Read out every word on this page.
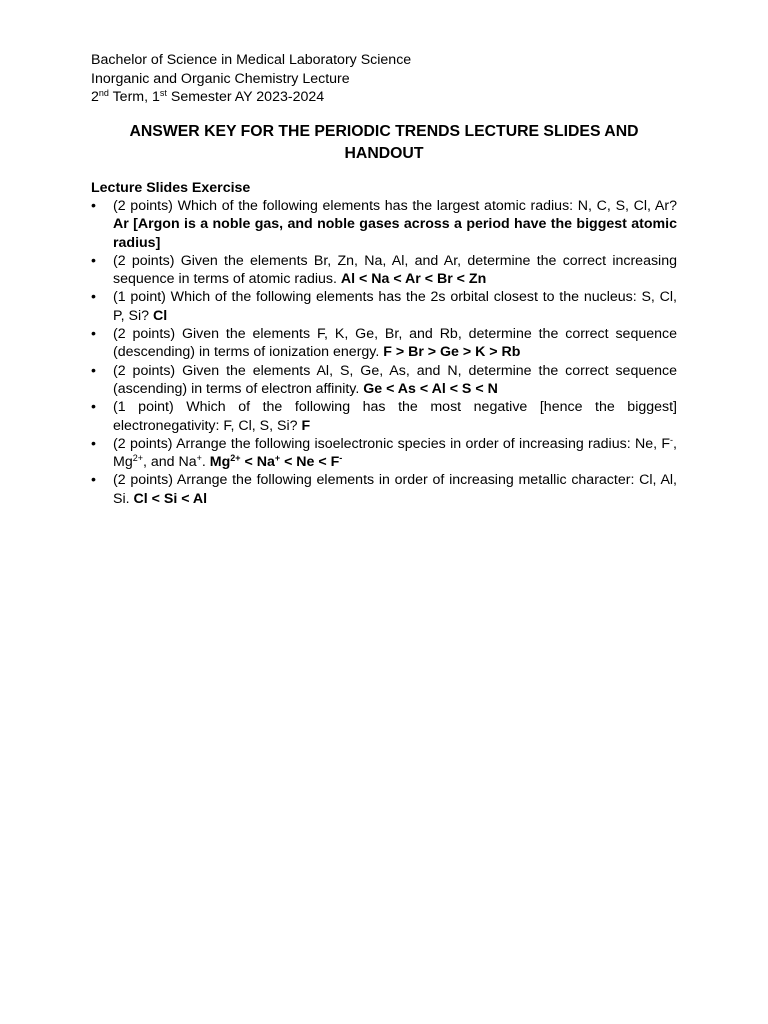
Bachelor of Science in Medical Laboratory Science
Inorganic and Organic Chemistry Lecture
2nd Term, 1st Semester AY 2023-2024
ANSWER KEY FOR THE PERIODIC TRENDS LECTURE SLIDES AND HANDOUT
Lecture Slides Exercise
• (2 points) Which of the following elements has the largest atomic radius: N, C, S, Cl, Ar? Ar [Argon is a noble gas, and noble gases across a period have the biggest atomic radius]
• (2 points) Given the elements Br, Zn, Na, Al, and Ar, determine the correct increasing sequence in terms of atomic radius. Al < Na < Ar < Br < Zn
• (1 point) Which of the following elements has the 2s orbital closest to the nucleus: S, Cl, P, Si? Cl
• (2 points) Given the elements F, K, Ge, Br, and Rb, determine the correct sequence (descending) in terms of ionization energy. F > Br > Ge > K > Rb
• (2 points) Given the elements Al, S, Ge, As, and N, determine the correct sequence (ascending) in terms of electron affinity. Ge < As < Al < S < N
• (1 point) Which of the following has the most negative [hence the biggest] electronegativity: F, Cl, S, Si? F
• (2 points) Arrange the following isoelectronic species in order of increasing radius: Ne, F-, $Mg^{2+}$, and Na+. $Mg^{2+} < Na^+ < Ne < F^-$
• (2 points) Arrange the following elements in order of increasing metallic character: Cl, Al, Si. Cl < Si < Al
